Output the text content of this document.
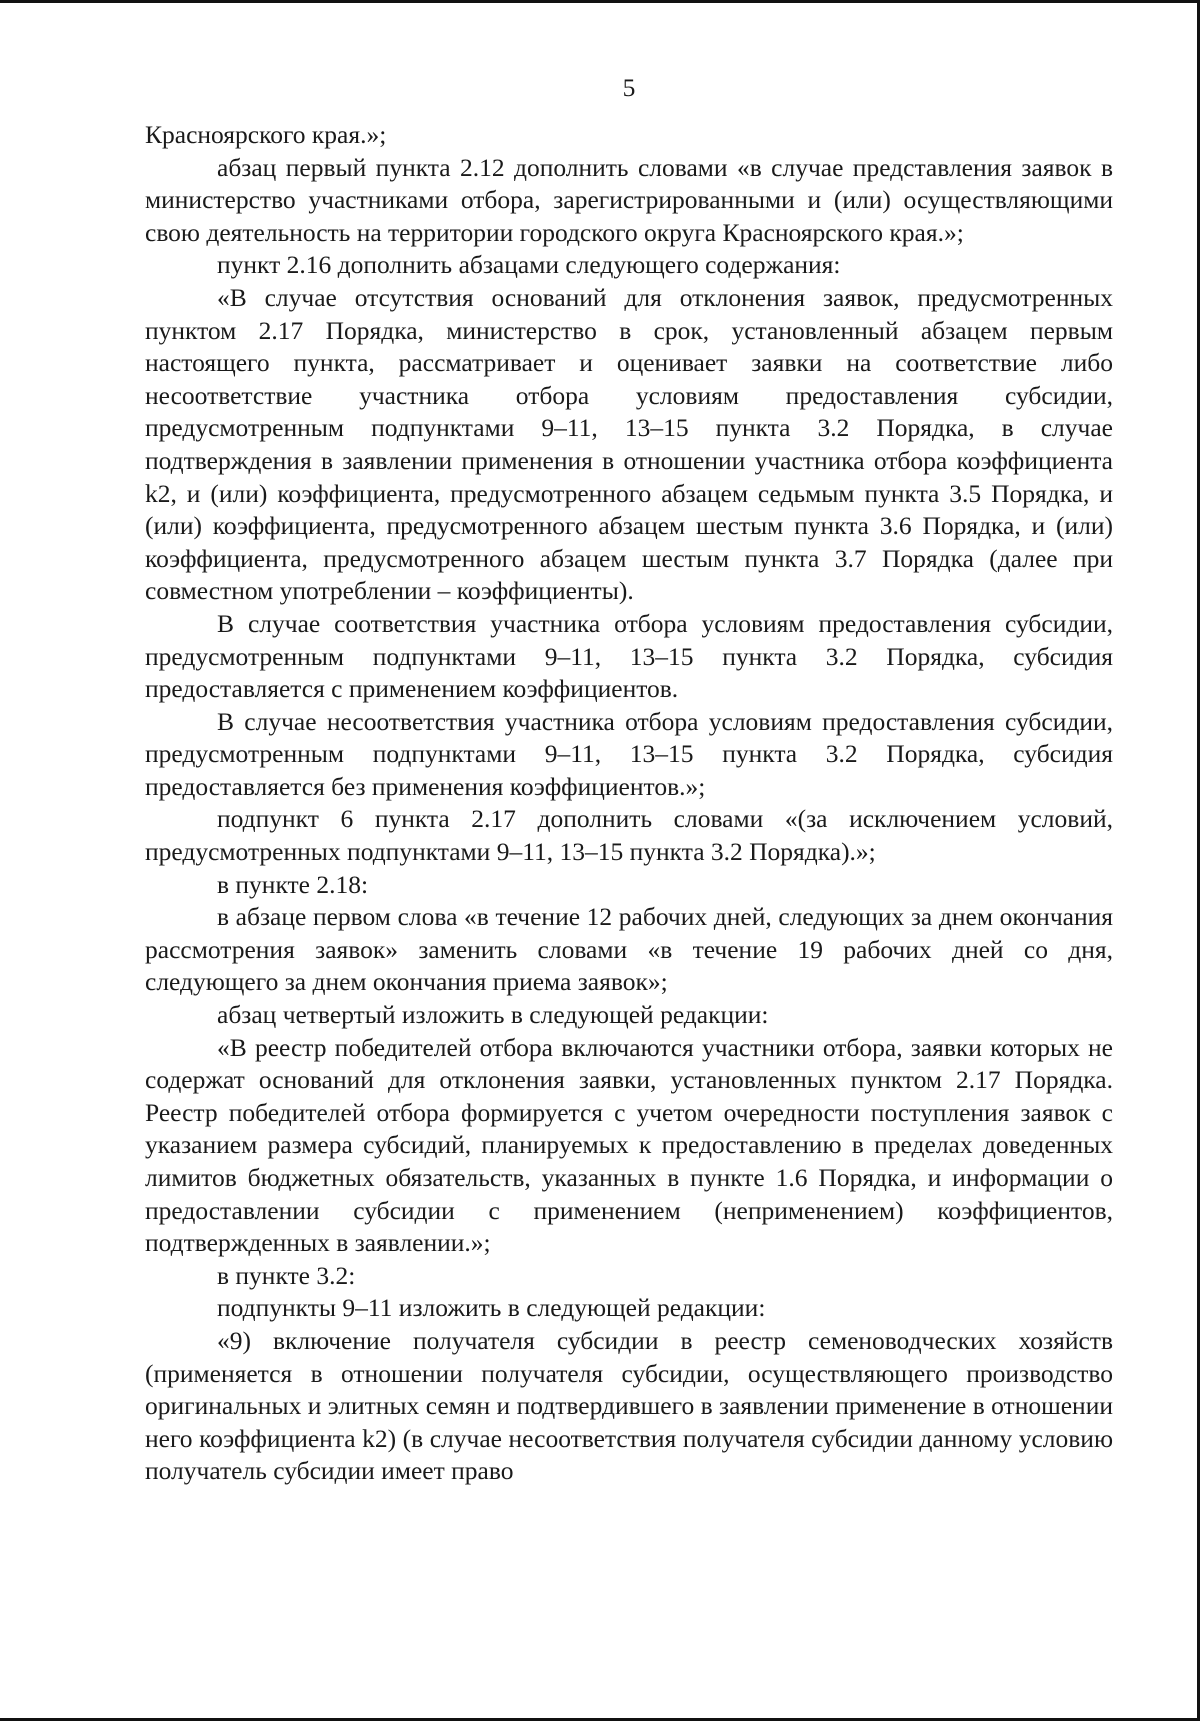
5

Красноярского края.»;

абзац первый пункта 2.12 дополнить словами «в случае представления заявок в министерство участниками отбора, зарегистрированными и (или) осуществляющими свою деятельность на территории городского округа Красноярского края.»;

пункт 2.16 дополнить абзацами следующего содержания:

«В случае отсутствия оснований для отклонения заявок, предусмотренных пунктом 2.17 Порядка, министерство в срок, установленный абзацем первым настоящего пункта, рассматривает и оценивает заявки на соответствие либо несоответствие участника отбора условиям предоставления субсидии, предусмотренным подпунктами 9–11, 13–15 пункта 3.2 Порядка, в случае подтверждения в заявлении применения в отношении участника отбора коэффициента k2, и (или) коэффициента, предусмотренного абзацем седьмым пункта 3.5 Порядка, и (или) коэффициента, предусмотренного абзацем шестым пункта 3.6 Порядка, и (или) коэффициента, предусмотренного абзацем шестым пункта 3.7 Порядка (далее при совместном употреблении – коэффициенты).

В случае соответствия участника отбора условиям предоставления субсидии, предусмотренным подпунктами 9–11, 13–15 пункта 3.2 Порядка, субсидия предоставляется с применением коэффициентов.

В случае несоответствия участника отбора условиям предоставления субсидии, предусмотренным подпунктами 9–11, 13–15 пункта 3.2 Порядка, субсидия предоставляется без применения коэффициентов.»;

подпункт 6 пункта 2.17 дополнить словами «(за исключением условий, предусмотренных подпунктами 9–11, 13–15 пункта 3.2 Порядка).»;

в пункте 2.18:

в абзаце первом слова «в течение 12 рабочих дней, следующих за днем окончания рассмотрения заявок» заменить словами «в течение 19 рабочих дней со дня, следующего за днем окончания приема заявок»;

абзац четвертый изложить в следующей редакции:

«В реестр победителей отбора включаются участники отбора, заявки которых не содержат оснований для отклонения заявки, установленных пунктом 2.17 Порядка. Реестр победителей отбора формируется с учетом очередности поступления заявок с указанием размера субсидий, планируемых к предоставлению в пределах доведенных лимитов бюджетных обязательств, указанных в пункте 1.6 Порядка, и информации о предоставлении субсидии с применением (неприменением) коэффициентов, подтвержденных в заявлении.»;

в пункте 3.2:

подпункты 9–11 изложить в следующей редакции:

«9) включение получателя субсидии в реестр семеноводческих хозяйств (применяется в отношении получателя субсидии, осуществляющего производство оригинальных и элитных семян и подтвердившего в заявлении применение в отношении него коэффициента k2) (в случае несоответствия получателя субсидии данному условию получатель субсидии имеет право
